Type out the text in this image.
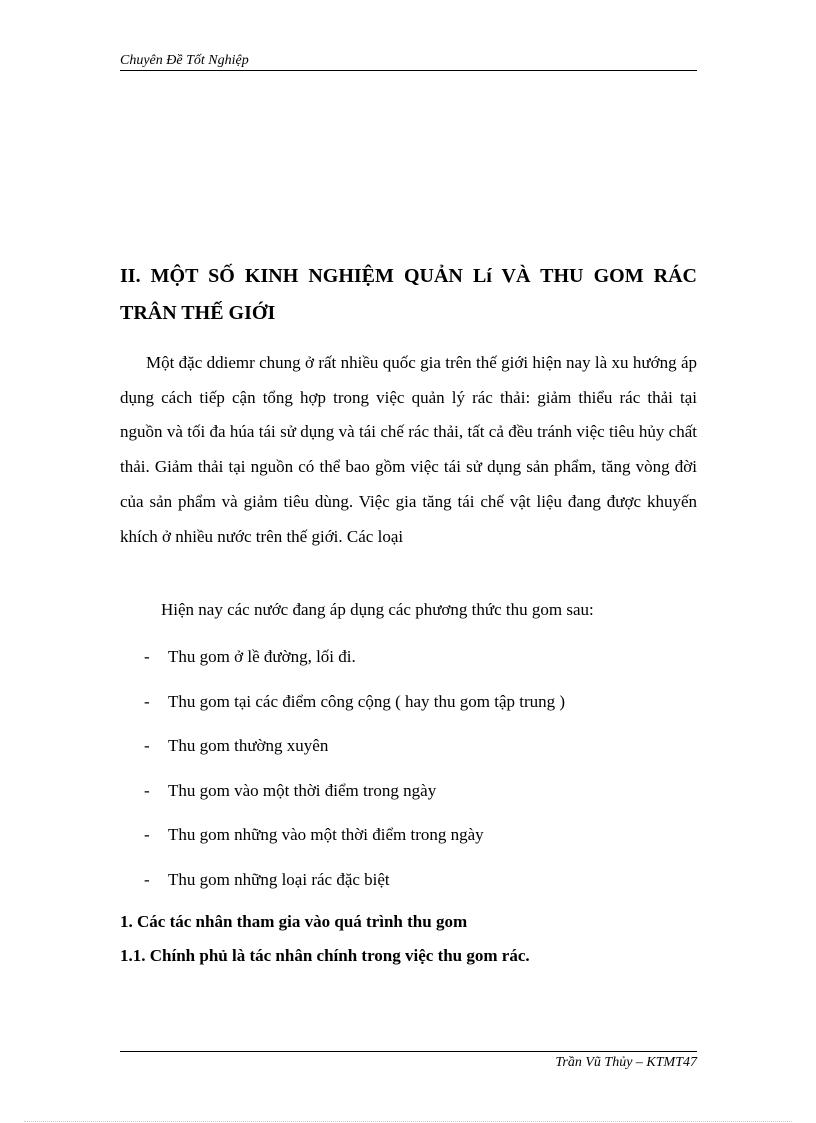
Chuyên Đề Tốt Nghiệp
II. MỘT SỐ KINH NGHIỆM QUẢN Lí VÀ THU GOM RÁC TRÂN THẾ GIỚI

Một đặc ddiemr chung ở rất nhiều quốc gia trên thế giới hiện nay là xu hướng áp dụng cách tiếp cận tổng hợp trong việc quản lý rác thải: giảm thiểu rác thải tại nguồn và tối đa húa tái sử dụng và tái chế rác thải, tất cả đều tránh việc tiêu hủy chất thải. Giảm thải tại nguồn có thể bao gồm việc tái sử dụng sản phẩm, tăng vòng đời của sản phẩm và giảm tiêu dùng. Việc gia tăng tái chế vật liệu đang được khuyến khích ở nhiều nước trên thế giới. Các loại

Hiện nay các nước đang áp dụng các phương thức thu gom sau:
- Thu gom ở lề đường, lối đi.
- Thu gom tại các điểm công cộng ( hay thu gom tập trung )
- Thu gom thường xuyên
- Thu gom vào một thời điểm trong ngày
- Thu gom những vào một thời điểm trong ngày
- Thu gom những loại rác đặc biệt
1. Các tác nhân tham gia vào quá trình thu gom
1.1. Chính phủ là tác nhân chính trong việc thu gom rác.
Trần Vũ Thủy – KTMT47
